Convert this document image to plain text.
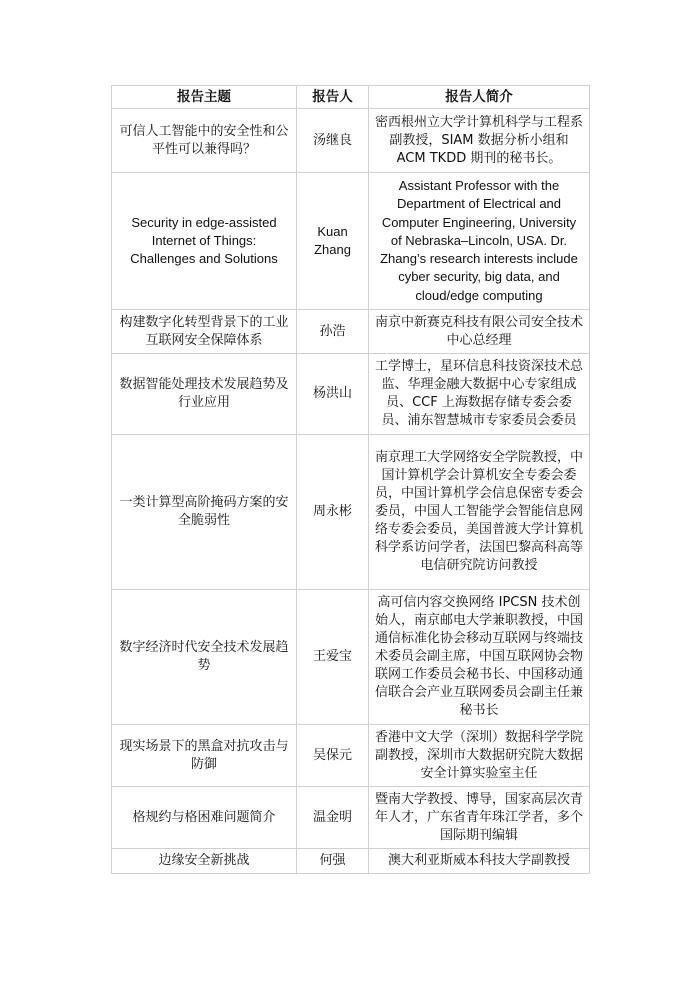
报告主题	报告人	报告人简介
可信人工智能中的安全性和公平性可以兼得吗？	汤继良	密西根州立大学计算机科学与工程系副教授，SIAM 数据分析小组和 ACM TKDD 期刊的秘书长。
Security in edge-assisted Internet of Things: Challenges and Solutions	Kuan Zhang	Assistant Professor with the Department of Electrical and Computer Engineering, University of Nebraska–Lincoln, USA. Dr. Zhang’s research interests include cyber security, big data, and cloud/edge computing
构建数字化转型背景下的工业互联网安全保障体系	孙浩	南京中新赛克科技有限公司安全技术中心总经理
数据智能处理技术发展趋势及行业应用	杨洪山	工学博士，星环信息科技资深技术总监、华理金融大数据中心专家组成员、CCF 上海数据存储专委会委员、浦东智慧城市专家委员会委员
一类计算型高阶掩码方案的安全脆弱性	周永彬	南京理工大学网络安全学院教授，中国计算机学会计算机安全专委会委员，中国计算机学会信息保密专委会委员，中国人工智能学会智能信息网络专委会委员，美国普渡大学计算机科学系访问学者，法国巴黎高科高等电信研究院访问教授
数字经济时代安全技术发展趋势	王爱宝	高可信内容交换网络 IPCSN 技术创始人，南京邮电大学兼职教授，中国通信标准化协会移动互联网与终端技术委员会副主席，中国互联网协会物联网工作委员会秘书长、中国移动通信联合会产业互联网委员会副主任兼秘书长
现实场景下的黑盒对抗攻击与防御	吴保元	香港中文大学（深圳）数据科学学院副教授，深圳市大数据研究院大数据安全计算实验室主任
格规约与格困难问题简介	温金明	暨南大学教授、博导，国家高层次青年人才，广东省青年珠江学者，多个国际期刊编辑
边缘安全新挑战	何强	澳大利亚斯威本科技大学副教授
